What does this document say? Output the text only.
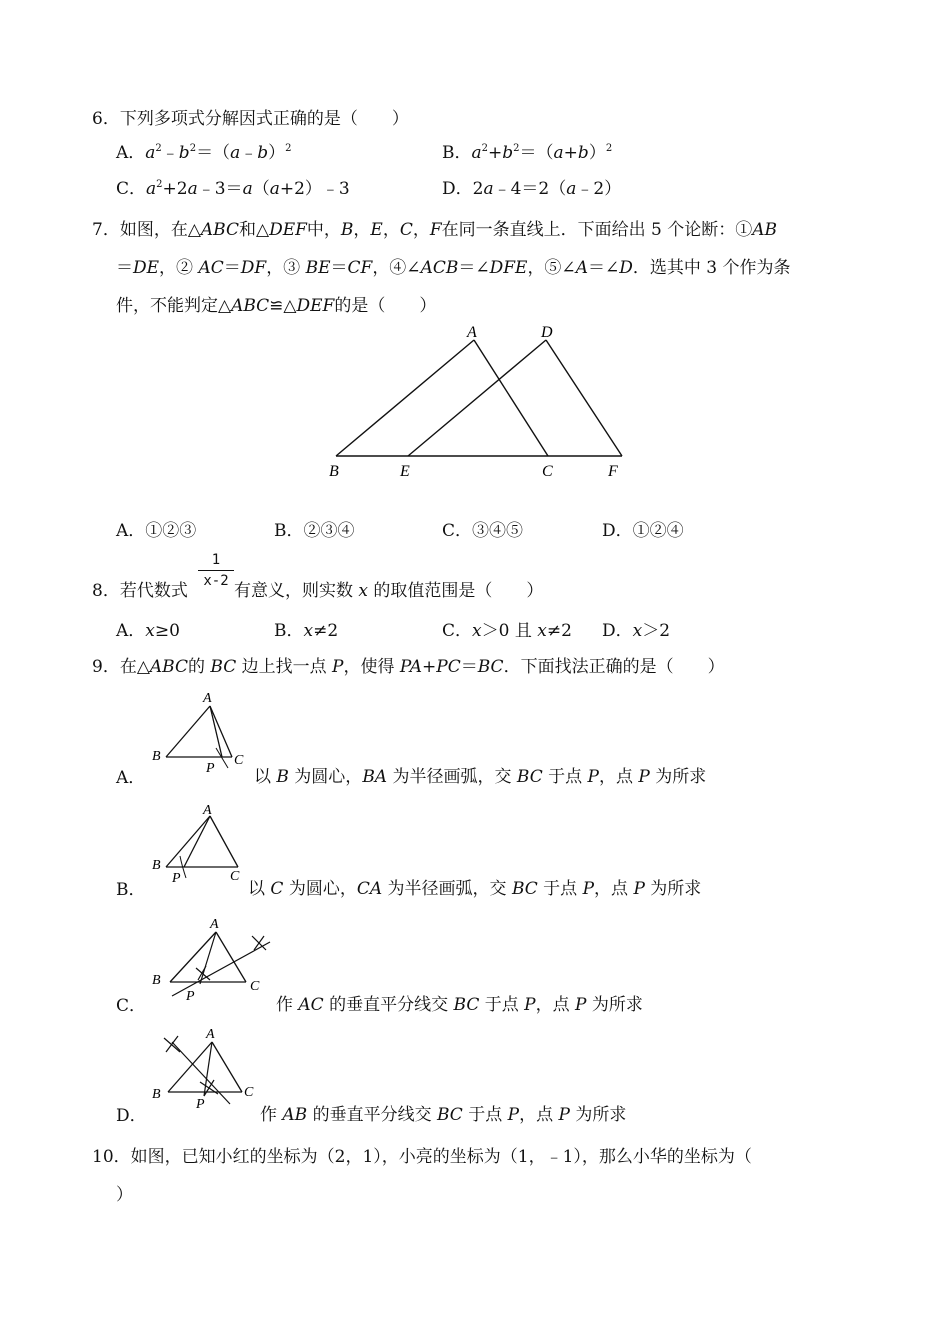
6．下列多项式分解因式正确的是（　　）
A．$a^2﹣b^2=(a﹣b)^2$	B．$a^2+b^2=(a+b)^2$
C．$a^2+2a﹣3=a(a+2)﹣3$	D．2a﹣4＝2（a﹣2）
7．如图，在△ABC和△DEF中，B，E，C，F在同一条直线上．下面给出 5 个论断：①AB
＝DE，② AC＝DF，③ BE＝CF，④∠ACB＝∠DFE，⑤∠A＝∠D．选其中 3 个作为条
件，不能判定△ABC≌△DEF的是（　　）
A	D
B	E	C	F
A．①②③	B．②③④	C．③④⑤	D．①②④
8．若代数式
1
x-2 有意义，则实数 x 的取值范围是（　　）
A．x≥0	B．x≠2	C．x＞0 且 x≠2 D．x＞2
9．在△ABC的 BC 边上找一点 P，使得 PA+PC＝BC．下面找法正确的是（　　）
A
B	C
P
A．	以 B 为圆心，BA 为半径画弧，交 BC 于点 P，点 P 为所求
A
B
C
P
B．	以 C 为圆心，CA 为半径画弧，交 BC 于点 P，点 P 为所求
A
B	C
P
C．	作 AC 的垂直平分线交 BC 于点 P，点 P 为所求
A
B	C
P
D．	作 AB 的垂直平分线交 BC 于点 P，点 P 为所求
10．如图，已知小红的坐标为（2，1），小亮的坐标为（1，﹣1），那么小华的坐标为（
）
